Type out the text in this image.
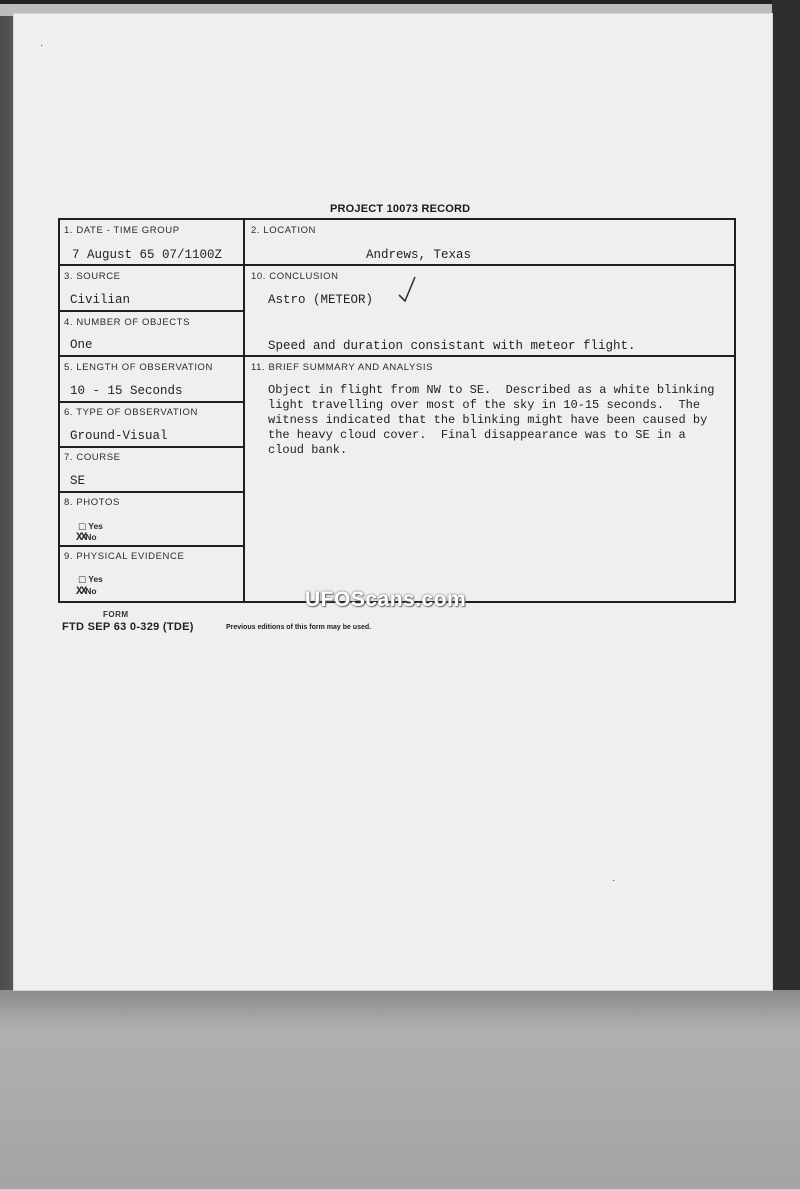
·
·
PROJECT 10073 RECORD
1. DATE - TIME GROUP
7 August 65 07/1100Z
2. LOCATION
Andrews, Texas
3. SOURCE
Civilian
10. CONCLUSION
Astro (METEOR)
Speed and duration consistant with meteor flight.
4. NUMBER OF OBJECTS
One
5. LENGTH OF OBSERVATION
10 - 15 Seconds
11. BRIEF SUMMARY AND ANALYSIS
Object in flight from NW to SE.  Described as a white blinking
light travelling over most of the sky in 10-15 seconds.  The
witness indicated that the blinking might have been caused by
the heavy cloud cover.  Final disappearance was to SE in a
cloud bank.
6. TYPE OF OBSERVATION
Ground-Visual
7. COURSE
SE
8. PHOTOS
□ Yes
XXNo
9. PHYSICAL EVIDENCE
□ Yes
XXNo
FORM
FTD SEP 63 0-329 (TDE)	Previous editions of this form may be used.
UFOScans.com
